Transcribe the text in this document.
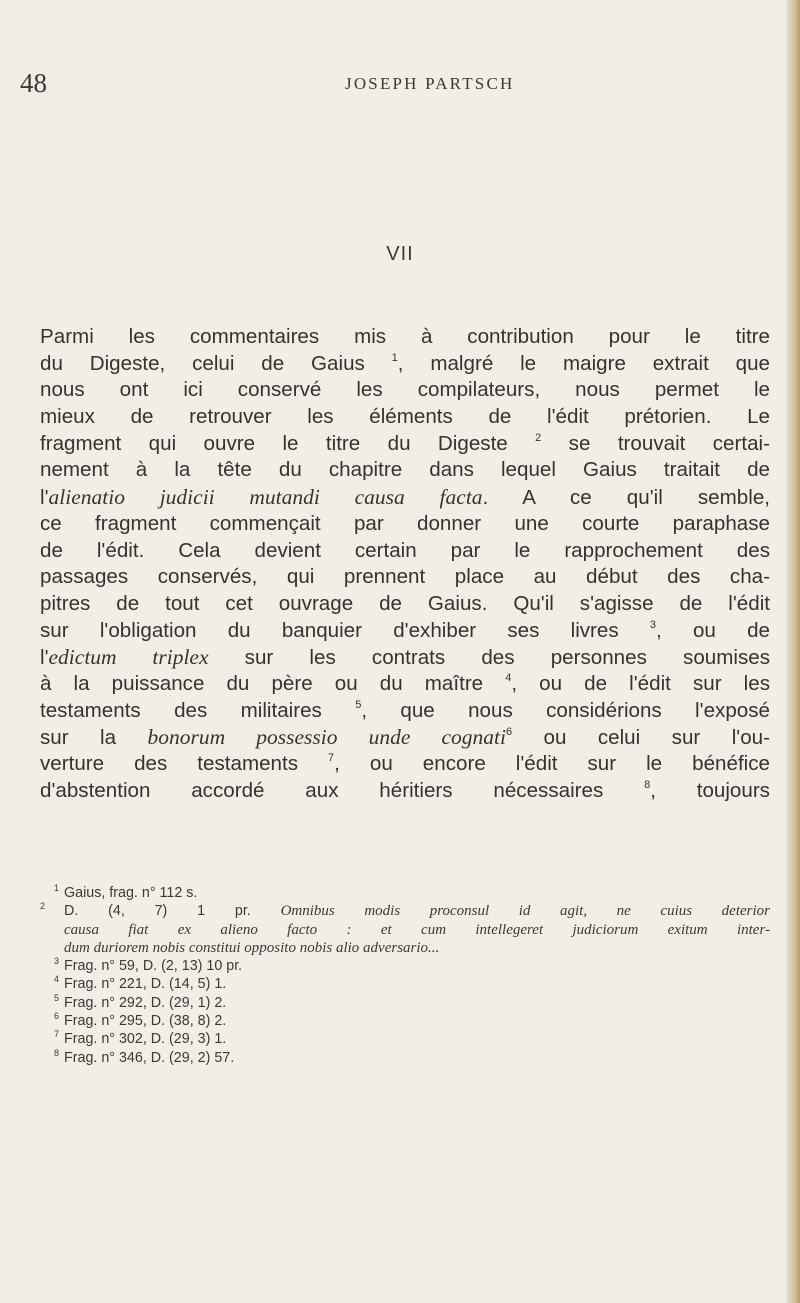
48	JOSEPH PARTSCH
VII
Parmi les commentaires mis à contribution pour le titre
du Digeste, celui de Gaius $^1$, malgré le maigre extrait que
nous ont ici conservé les compilateurs, nous permet le
mieux de retrouver les éléments de l'édit prétorien. Le
fragment qui ouvre le titre du Digeste $^2$ se trouvait certai-
nement à la tête du chapitre dans lequel Gaius traitait de
l'alienatio judicii mutandi causa facta. A ce qu'il semble,
ce fragment commençait par donner une courte paraphase
de l'édit. Cela devient certain par le rapprochement des
passages conservés, qui prennent place au début des cha-
pitres de tout cet ouvrage de Gaius. Qu'il s'agisse de l'édit
sur l'obligation du banquier d'exhiber ses livres $^3$, ou de
l'edictum triplex sur les contrats des personnes soumises
à la puissance du père ou du maître $^4$, ou de l'édit sur les
testaments des militaires $^5$, que nous considérions l'exposé
sur la bonorum possessio unde cognati$^6$ ou celui sur l'ou-
verture des testaments $^7$, ou encore l'édit sur le bénéfice
d'abstention accordé aux héritiers nécessaires $^8$, toujours
1 Gaius, frag. n° 112 s.
2 D. (4, 7) 1 pr. Omnibus modis proconsul id agit, ne cuius deterior
causa fiat ex alieno facto : et cum intellegeret judiciorum exitum inter-
dum duriorem nobis constitui opposito nobis alio adversario...
3 Frag. n° 59, D. (2, 13) 10 pr.
4 Frag. n° 221, D. (14, 5) 1.
5 Frag. n° 292, D. (29, 1) 2.
6 Frag. n° 295, D. (38, 8) 2.
7 Frag. n° 302, D. (29, 3) 1.
8 Frag. n° 346, D. (29, 2) 57.
